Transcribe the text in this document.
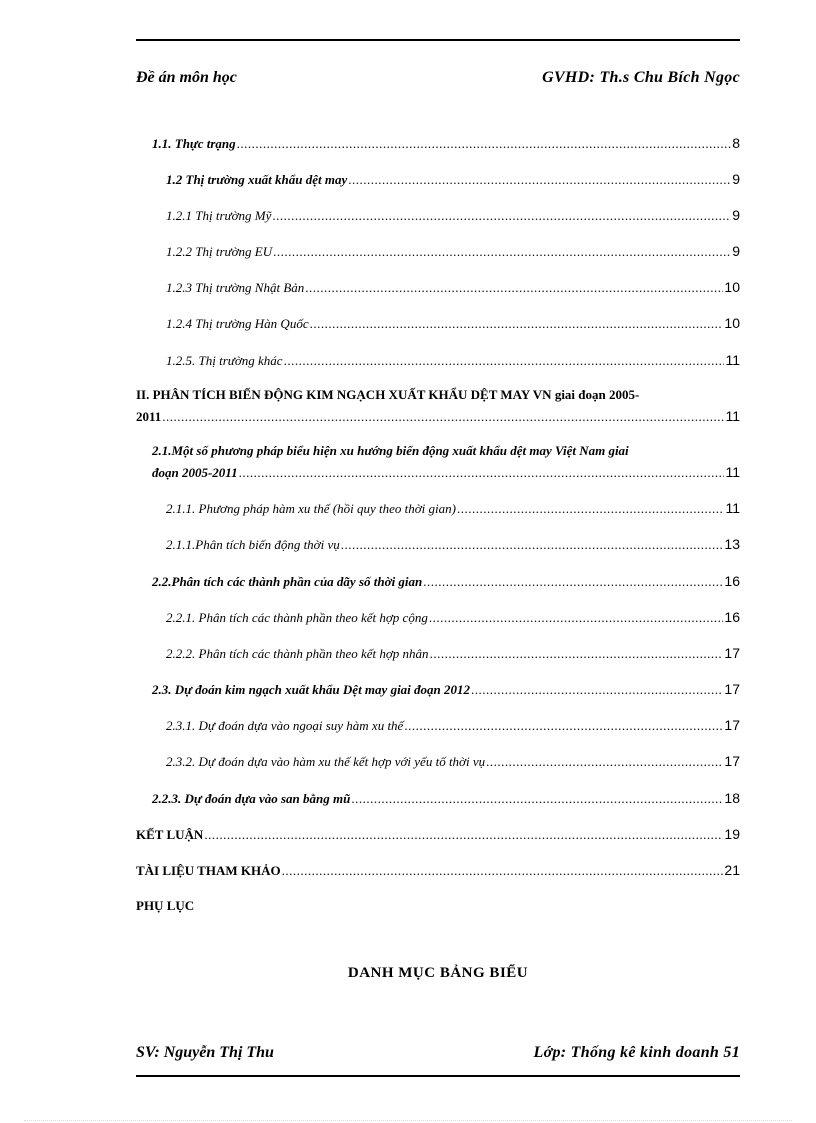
Đề án môn học	GVHD: Th.s Chu Bích Ngọc
1.1. Thực trạng .....	8
1.2 Thị trường xuất khẩu dệt may .....	9
1.2.1 Thị trường Mỹ .....	9
1.2.2 Thị trường EU .....	9
1.2.3 Thị trường Nhật Bản .....	10
1.2.4 Thị trường Hàn Quốc .....	10
1.2.5. Thị trường khác .....	11
II. PHÂN TÍCH BIẾN ĐỘNG KIM NGẠCH XUẤT KHẨU DỆT MAY VN giai đoạn 2005-
2011 .....	11
2.1.Một số phương pháp biểu hiện xu hướng biến động xuất khẩu dệt may Việt Nam giai
đoạn 2005-2011 .....	11
2.1.1. Phương pháp hàm xu thế (hồi quy theo thời gian) .....	11
2.1.1.Phân tích biến động thời vụ .....	13
2.2.Phân tích các thành phần của dãy số thời gian .....	16
2.2.1. Phân tích các thành phần theo kết hợp cộng .....	16
2.2.2. Phân tích các thành phần theo kết hợp nhân .....	17
2.3. Dự đoán kim ngạch xuất khẩu Dệt may giai đoạn 2012 .....	17
2.3.1. Dự đoán dựa vào ngoại suy hàm xu thế .....	17
2.3.2. Dự đoán dựa vào hàm xu thế kết hợp với yếu tố thời vụ .....	17
2.2.3. Dự đoán dựa vào san bằng mũ .....	18
KẾT LUẬN .....	19
TÀI LIỆU THAM KHẢO .....	21
PHỤ LỤC
DANH MỤC BẢNG BIỂU
SV: Nguyễn Thị Thu	Lớp: Thống kê kinh doanh 51
